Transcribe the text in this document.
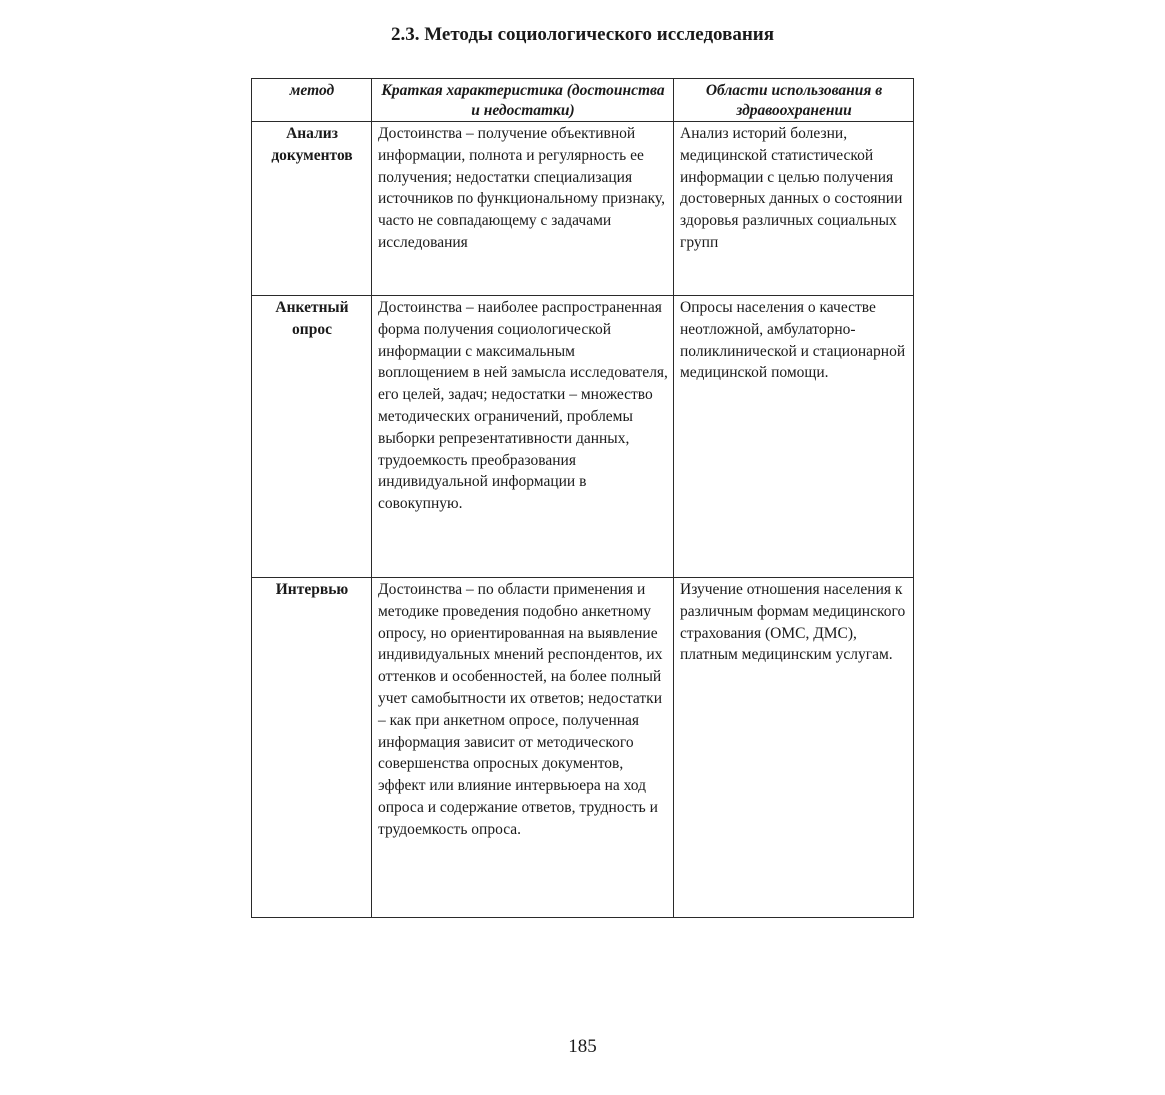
2.3. Методы социологического исследования
метод	Краткая характеристика (достоинства и недостатки)	Области использования в здравоохранении
Анализ документов	Достоинства – получение объективной информации, полнота и регулярность ее получения; недостатки специализация источников по функциональному признаку, часто не совпадающему с задачами исследования	Анализ историй болезни, медицинской статистической информации с целью получения достоверных данных о состоянии здоровья различных социальных групп
Анкетный опрос	Достоинства – наиболее распространенная форма получения социологической информации с максимальным воплощением в ней замысла исследователя, его целей, задач; недостатки – множество методических ограничений, проблемы выборки репрезентативности данных, трудоемкость преобразования индивидуальной информации в совокупную.	Опросы населения о качестве неотложной, амбулаторно-поликлинической и стационарной медицинской помощи.
Интервью	Достоинства – по области применения и методике проведения подобно анкетному опросу, но ориентированная на выявление индивидуальных мнений респондентов, их оттенков и особенностей, на более полный учет самобытности их ответов; недостатки – как при анкетном опросе, полученная информация зависит от методического совершенства опросных документов, эффект или влияние интервьюера на ход опроса и содержание ответов, трудность и трудоемкость опроса.	Изучение отношения населения к различным формам медицинского страхования (ОМС, ДМС), платным медицинским услугам.
185
